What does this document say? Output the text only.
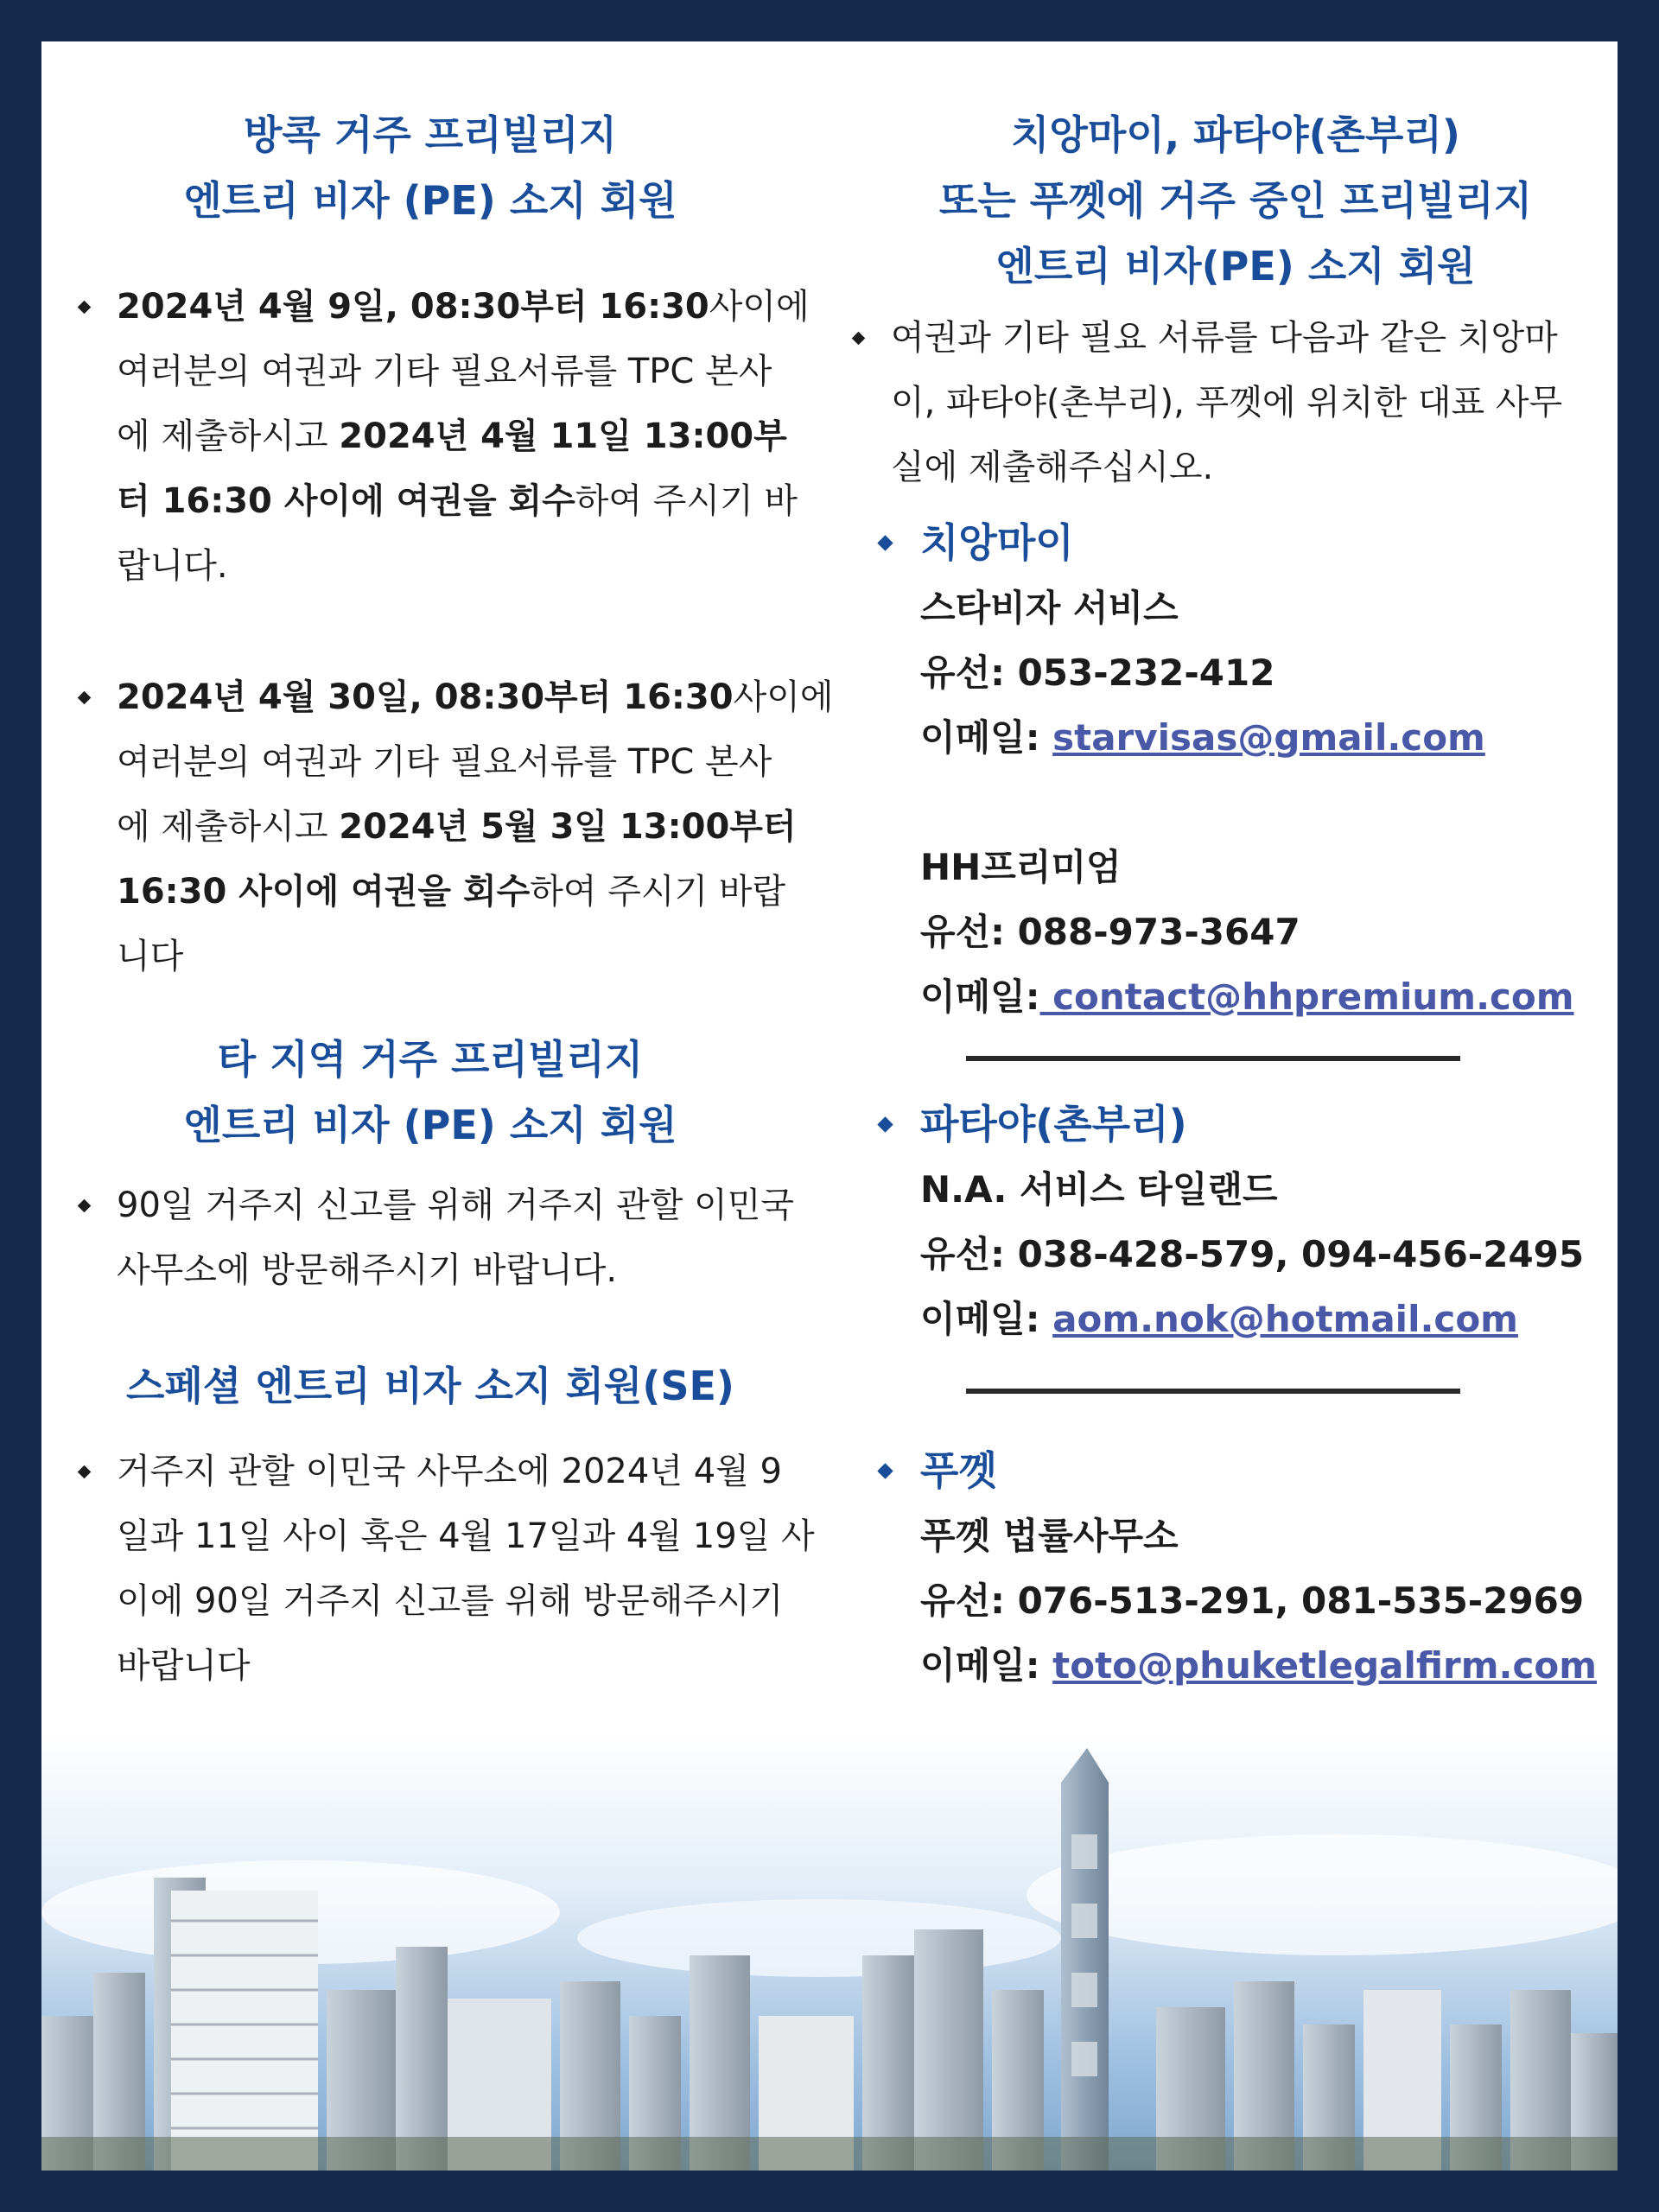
방콕 거주 프리빌리지
엔트리 비자 (PE) 소지 회원
2024년 4월 9일, 08:30부터 16:30사이에
여러분의 여권과 기타 필요서류를 TPC 본사
에 제출하시고 2024년 4월 11일 13:00부
터 16:30 사이에 여권을 회수하여 주시기 바
랍니다.
2024년 4월 30일, 08:30부터 16:30사이에
여러분의 여권과 기타 필요서류를 TPC 본사
에 제출하시고 2024년 5월 3일 13:00부터
16:30 사이에 여권을 회수하여 주시기 바랍
니다
타 지역 거주 프리빌리지
엔트리 비자 (PE) 소지 회원
90일 거주지 신고를 위해 거주지 관할 이민국
사무소에 방문해주시기 바랍니다.
스페셜 엔트리 비자 소지 회원(SE)
거주지 관할 이민국 사무소에 2024년 4월 9
일과 11일 사이 혹은 4월 17일과 4월 19일 사
이에 90일 거주지 신고를 위해 방문해주시기
바랍니다
치앙마이, 파타야(촌부리)
또는 푸껫에 거주 중인 프리빌리지
엔트리 비자(PE) 소지 회원
여권과 기타 필요 서류를 다음과 같은 치앙마
이, 파타야(촌부리), 푸껫에 위치한 대표 사무
실에 제출해주십시오.
치앙마이
스타비자 서비스
유선: 053-232-412
이메일: starvisas@gmail.com
HH프리미엄
유선: 088-973-3647
이메일: contact@hhpremium.com
파타야(촌부리)
N.A. 서비스 타일랜드
유선: 038-428-579, 094-456-2495
이메일: aom.nok@hotmail.com
푸껫
푸껫 법률사무소
유선: 076-513-291, 081-535-2969
이메일: toto@phuketlegalfirm.com
